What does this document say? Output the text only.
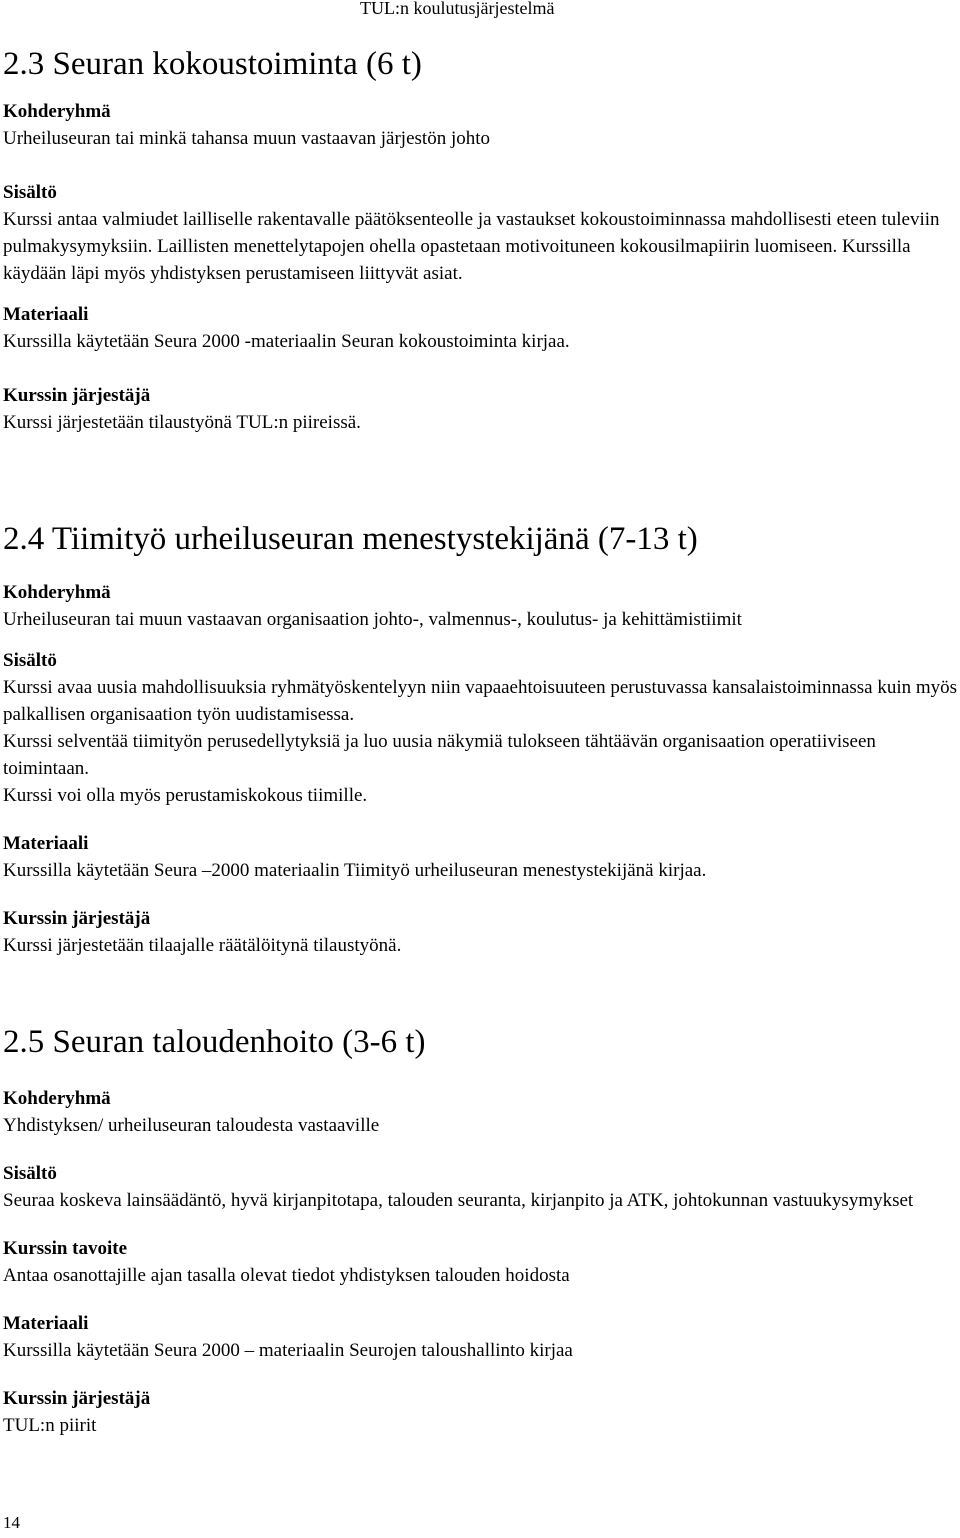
TUL:n koulutusjärjestelmä
2.3 Seuran kokoustoiminta (6 t)

Kohderyhmä

Urheiluseuran tai minkä tahansa muun vastaavan järjestön johto

Sisältö

Kurssi antaa valmiudet lailliselle rakentavalle päätöksenteolle ja vastaukset kokoustoiminnassa mahdollisesti eteen tuleviin pulmakysymyksiin. Laillisten menettelytapojen ohella opastetaan motivoituneen kokousilmapiirin luomiseen. Kurssilla käydään läpi myös yhdistyksen perustamiseen liittyvät asiat.

Materiaali

Kurssilla käytetään Seura 2000 -materiaalin Seuran kokoustoiminta kirjaa.

Kurssin järjestäjä

Kurssi järjestetään tilaustyönä TUL:n piireissä.

2.4 Tiimityö urheiluseuran menestystekijänä (7-13 t)

Kohderyhmä

Urheiluseuran tai muun vastaavan organisaation johto-, valmennus-, koulutus- ja kehittämistiimit

Sisältö

Kurssi avaa uusia mahdollisuuksia ryhmätyöskentelyyn niin vapaaehtoisuuteen perustuvassa kansalaistoiminnassa kuin myös palkallisen organisaation työn uudistamisessa.

Kurssi selventää tiimityön perusedellytyksiä ja luo uusia näkymiä tulokseen tähtäävän organisaation operatiiviseen toimintaan.

Kurssi voi olla myös perustamiskokous tiimille.

Materiaali

Kurssilla käytetään Seura –2000 materiaalin Tiimityö urheiluseuran menestystekijänä kirjaa.

Kurssin järjestäjä

Kurssi järjestetään tilaajalle räätälöitynä tilaustyönä.

2.5 Seuran taloudenhoito (3-6 t)

Kohderyhmä

Yhdistyksen/ urheiluseuran taloudesta vastaaville

Sisältö

Seuraa koskeva lainsäädäntö, hyvä kirjanpitotapa, talouden seuranta, kirjanpito ja ATK, johtokunnan vastuukysymykset

Kurssin tavoite

Antaa osanottajille ajan tasalla olevat tiedot yhdistyksen talouden hoidosta

Materiaali

Kurssilla käytetään Seura 2000 – materiaalin Seurojen taloushallinto kirjaa

Kurssin järjestäjä

TUL:n piirit

14
